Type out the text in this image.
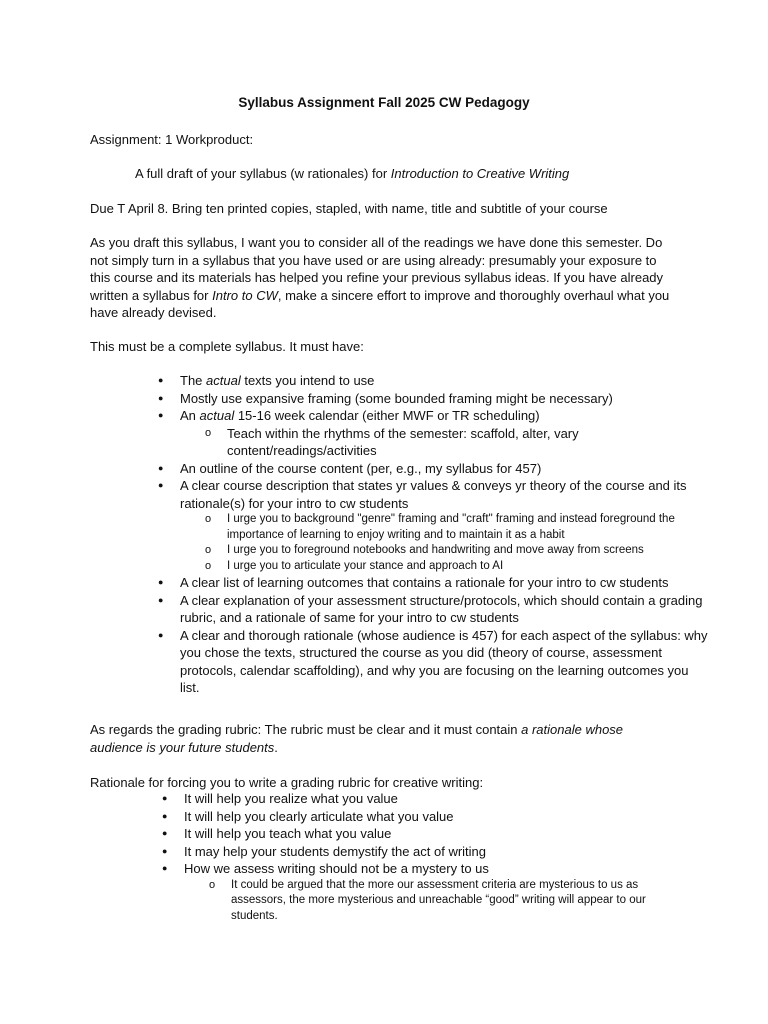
Syllabus Assignment Fall 2025 CW Pedagogy
Assignment: 1 Workproduct:
A full draft of your syllabus (w rationales) for Introduction to Creative Writing
Due T April 8. Bring ten printed copies, stapled, with name, title and subtitle of your course
As you draft this syllabus, I want you to consider all of the readings we have done this semester. Do not simply turn in a syllabus that you have used or are using already: presumably your exposure to this course and its materials has helped you refine your previous syllabus ideas. If you have already written a syllabus for Intro to CW, make a sincere effort to improve and thoroughly overhaul what you have already devised.
This must be a complete syllabus. It must have:
● The actual texts you intend to use
● Mostly use expansive framing (some bounded framing might be necessary)
● An actual 15-16 week calendar (either MWF or TR scheduling)
o Teach within the rhythms of the semester: scaffold, alter, vary content/readings/activities
● An outline of the course content (per, e.g., my syllabus for 457)
● A clear course description that states yr values & conveys yr theory of the course and its rationale(s) for your intro to cw students
o I urge you to background "genre" framing and "craft" framing and instead foreground the importance of learning to enjoy writing and to maintain it as a habit
o I urge you to foreground notebooks and handwriting and move away from screens
o I urge you to articulate your stance and approach to AI
● A clear list of learning outcomes that contains a rationale for your intro to cw students
● A clear explanation of your assessment structure/protocols, which should contain a grading rubric, and a rationale of same for your intro to cw students
● A clear and thorough rationale (whose audience is 457) for each aspect of the syllabus: why you chose the texts, structured the course as you did (theory of course, assessment protocols, calendar scaffolding), and why you are focusing on the learning outcomes you list.
As regards the grading rubric: The rubric must be clear and it must contain a rationale whose audience is your future students.
Rationale for forcing you to write a grading rubric for creative writing:
● It will help you realize what you value
● It will help you clearly articulate what you value
● It will help you teach what you value
● It may help your students demystify the act of writing
● How we assess writing should not be a mystery to us
o It could be argued that the more our assessment criteria are mysterious to us as assessors, the more mysterious and unreachable “good” writing will appear to our students.
